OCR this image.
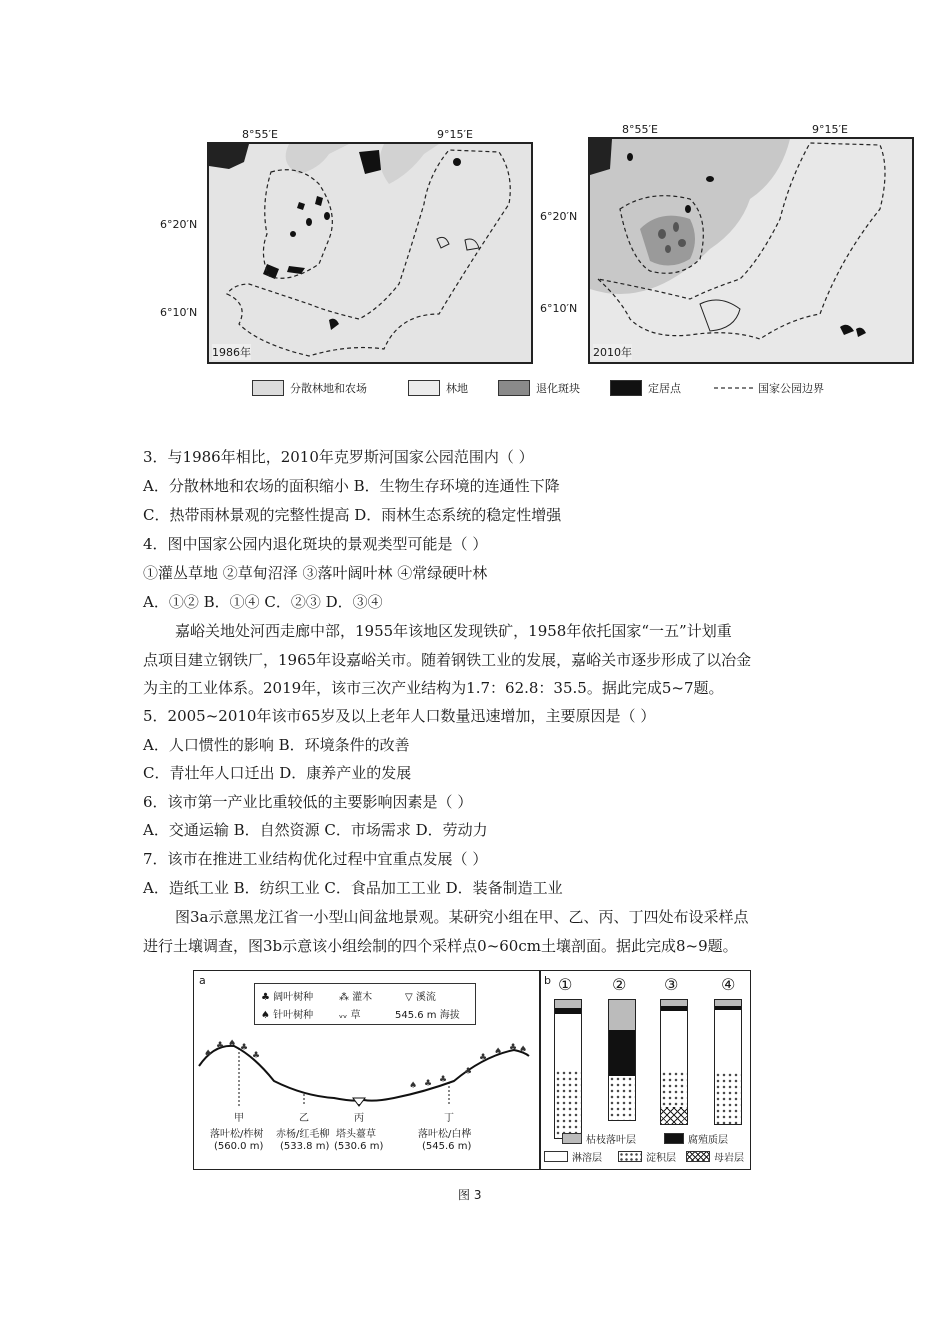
1986年
8°55′E	9°15′E
6°20′N
6°10′N
2010年
8°55′E	9°15′E
6°20′N
6°10′N
分散林地和农场	林地	退化斑块	定居点	国家公园边界
3．与1986年相比，2010年克罗斯河国家公园范围内（ ）
A．分散林地和农场的面积缩小 B．生物生存环境的连通性下降
C．热带雨林景观的完整性提高 D．雨林生态系统的稳定性增强
4．图中国家公园内退化斑块的景观类型可能是（ ）
①灌丛草地 ②草甸沼泽 ③落叶阔叶林 ④常绿硬叶林
A．①② B．①④ C．②③ D．③④
嘉峪关地处河西走廊中部，1955年该地区发现铁矿，1958年依托国家“一五”计划重
点项目建立钢铁厂，1965年设嘉峪关市。随着钢铁工业的发展，嘉峪关市逐步形成了以冶金
为主的工业体系。2019年，该市三次产业结构为1.7：62.8：35.5。据此完成5~7题。
5．2005~2010年该市65岁及以上老年人口数量迅速增加，主要原因是（ ）
A．人口惯性的影响 B．环境条件的改善
C．青壮年人口迁出 D．康养产业的发展
6．该市第一产业比重较低的主要影响因素是（ ）
A．交通运输 B．自然资源 C．市场需求 D．劳动力
7．该市在推进工业结构优化过程中宜重点发展（ ）
A．造纸工业 B．纺织工业 C．食品加工工业 D．装备制造工业
图3a示意黑龙江省一小型山间盆地景观。某研究小组在甲、乙、丙、丁四处布设采样点
进行土壤调查，图3b示意该小组绘制的四个采样点0~60cm土壤剖面。据此完成8~9题。
a
♣ 阔叶树种	⁂ 灌木	▽ 溪流
♠ 针叶树种	ᵥᵥ 草	545.6 m 海拔
♠
♣ ♠ ♣
♣
♣
♣
♠ ♣ ♠
♠ ♣ ♣
甲
落叶松/柞树
(560.0 m)
乙
赤杨/红毛柳
(533.8 m)
丙
塔头薹草
(530.6 m)
丁
落叶松/白桦
(545.6 m)
b ① ② ③	④
枯枝落叶层	腐殖质层
淋溶层	淀积层	母岩层
图 3
